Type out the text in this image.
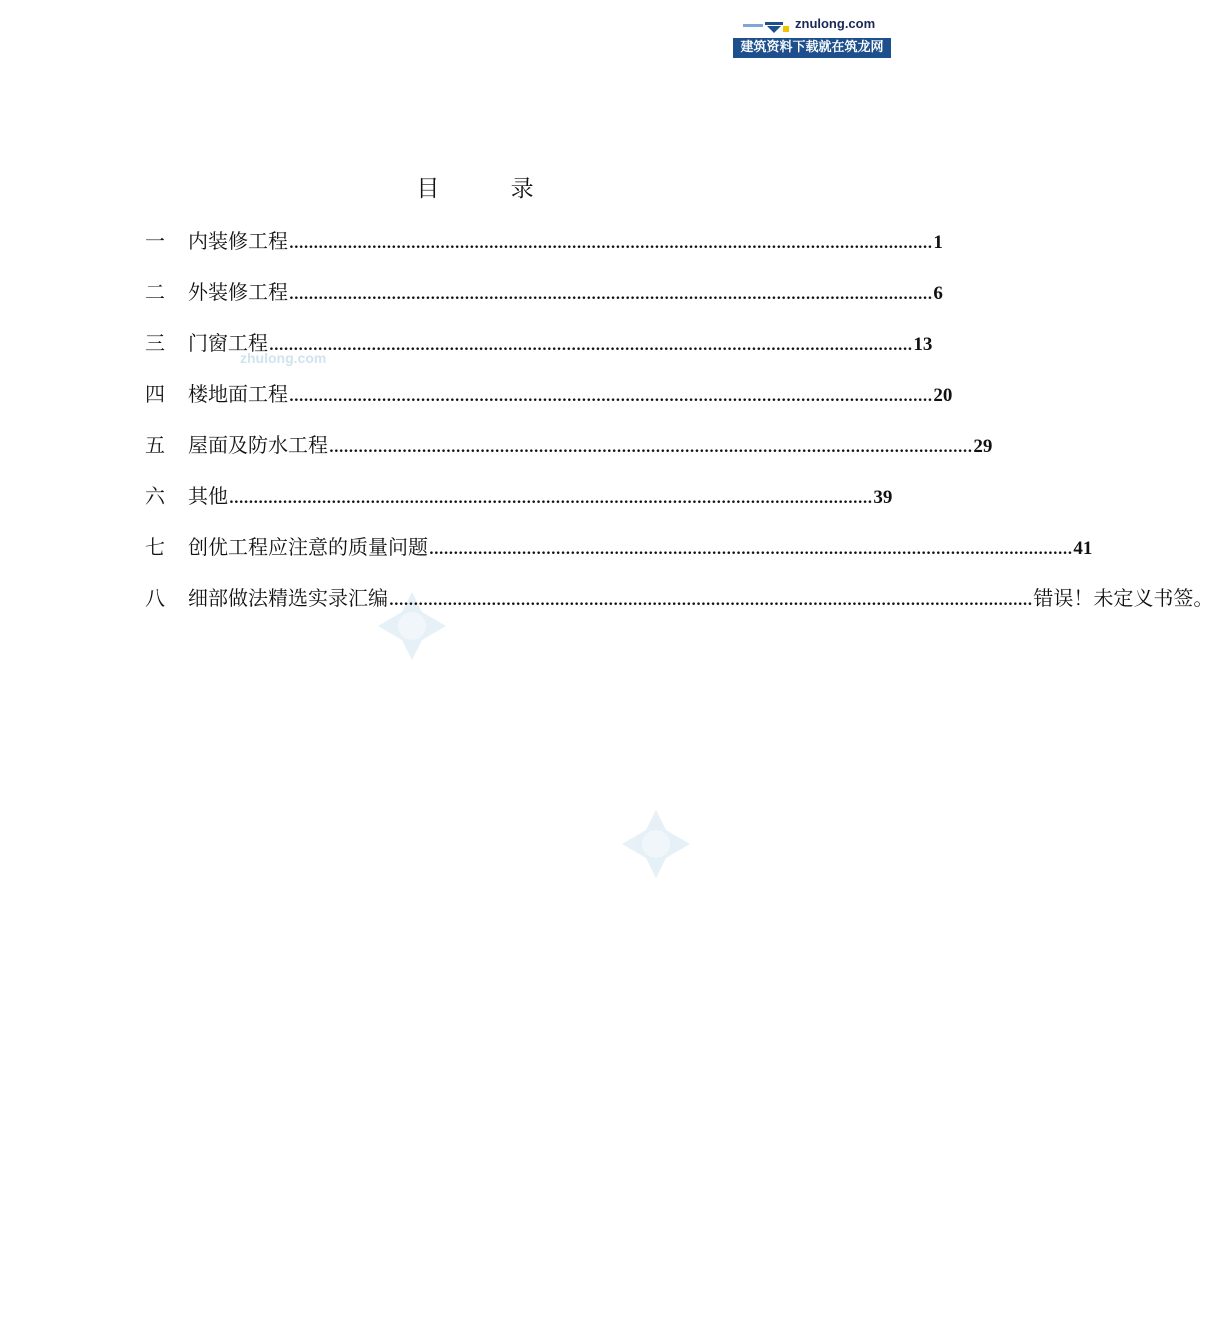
znulong.com
建筑资料下载就在筑龙网
zhulong.com
目 录
一	内装修工程 .................................................................................................................................... 1
二	外装修工程 .................................................................................................................................... 6
三	门窗工程 .................................................................................................................................... 13
四	楼地面工程 .................................................................................................................................... 20
五	屋面及防水工程 .................................................................................................................................... 29
六	其他 .................................................................................................................................... 39
七	创优工程应注意的质量问题 .................................................................................................................................... 41
八	细部做法精选实录汇编 .................................................................................................................................... 错误！未定义书签。
